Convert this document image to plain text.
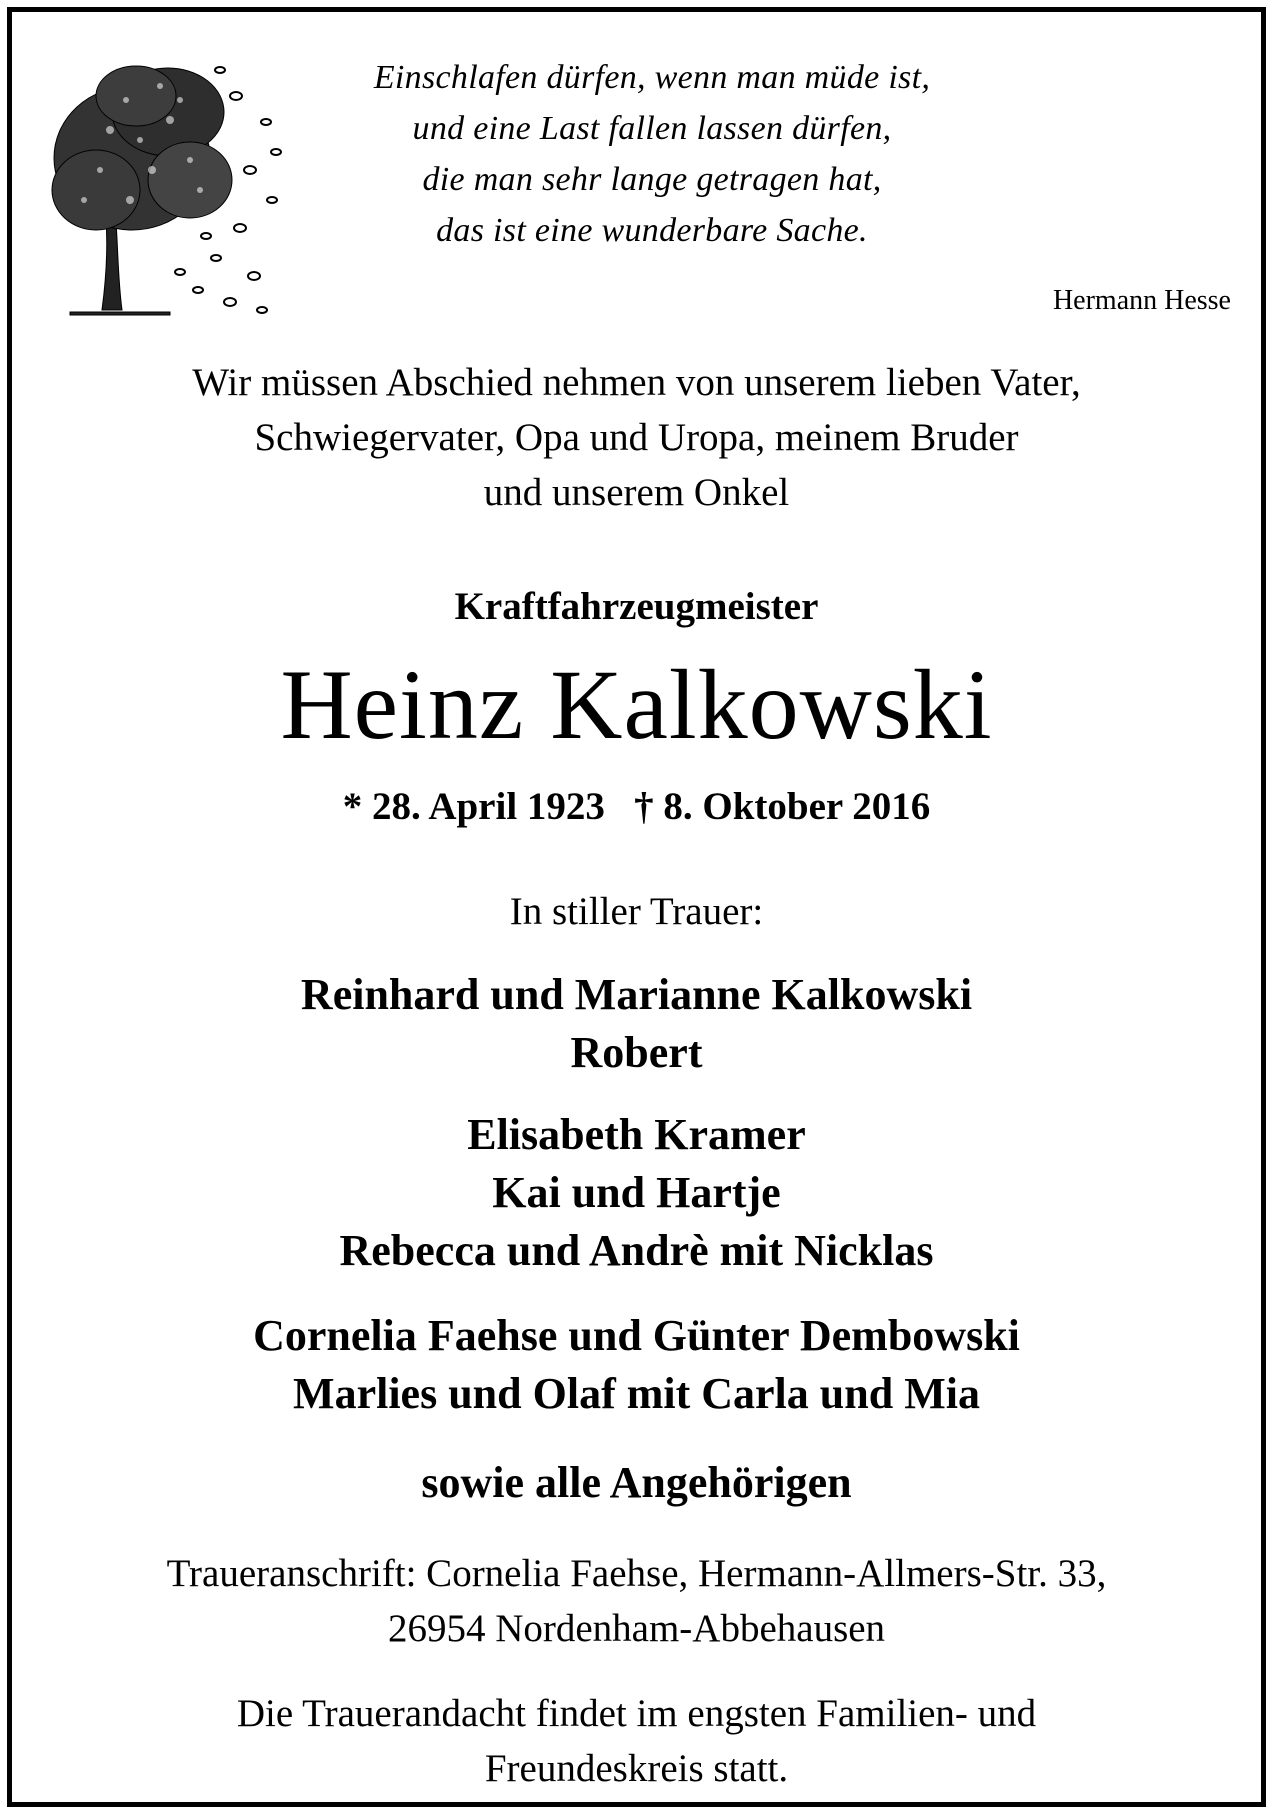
Einschlafen dürfen, wenn man müde ist,
und eine Last fallen lassen dürfen,
die man sehr lange getragen hat,
das ist eine wunderbare Sache.
Hermann Hesse
Wir müssen Abschied nehmen von unserem lieben Vater,
Schwiegervater, Opa und Uropa, meinem Bruder
und unserem Onkel
Kraftfahrzeugmeister
Heinz Kalkowski
* 28. April 1923   † 8. Oktober 2016
In stiller Trauer:
Reinhard und Marianne Kalkowski
Robert
Elisabeth Kramer
Kai und Hartje
Rebecca und Andrè mit Nicklas
Cornelia Faehse und Günter Dembowski
Marlies und Olaf mit Carla und Mia
sowie alle Angehörigen
Traueranschrift: Cornelia Faehse, Hermann-Allmers-Str. 33,
26954 Nordenham-Abbehausen
Die Trauerandacht findet im engsten Familien- und
Freundeskreis statt.
